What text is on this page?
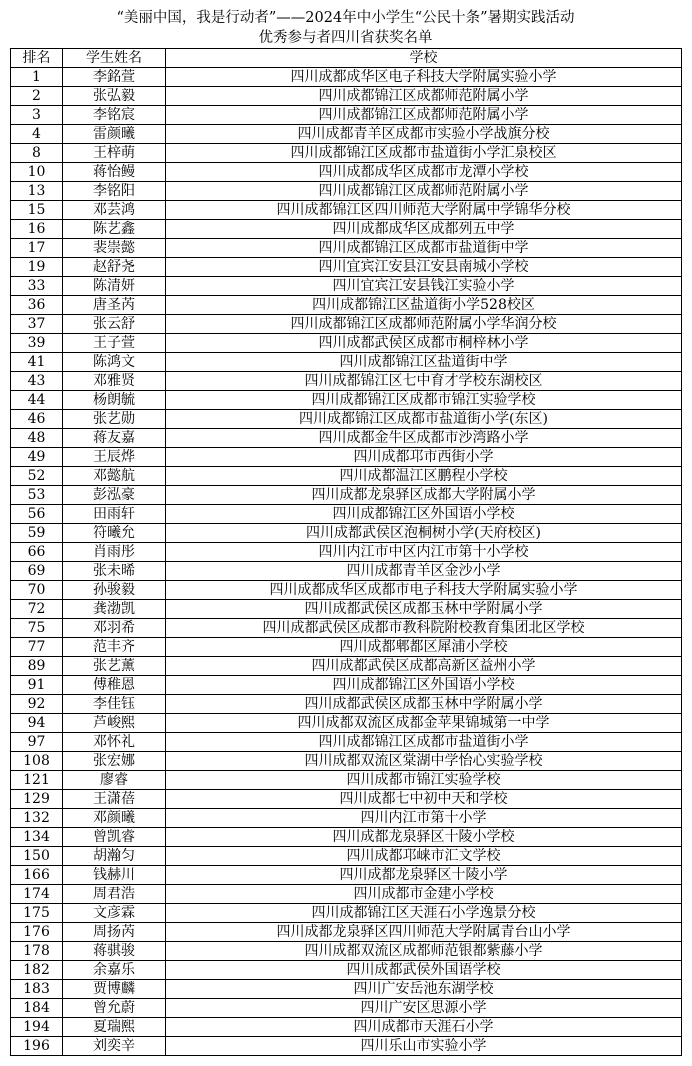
“美丽中国，我是行动者”——2024年中小学生“公民十条”暑期实践活动
优秀参与者四川省获奖名单
排名	学生姓名	学校
1	李銘萱	四川成都成华区电子科技大学附属实验小学
2	张弘毅	四川成都锦江区成都师范附属小学
3	李铭宸	四川成都锦江区成都师范附属小学
4	雷颜曦	四川成都青羊区成都市实验小学战旗分校
8	王梓萌	四川成都锦江区成都市盐道街小学汇泉校区
10	蒋怡鳗	四川成都成华区成都市龙潭小学校
13	李铭阳	四川成都锦江区成都师范附属小学
15	邓芸鸿	四川成都锦江区四川师范大学附属中学锦华分校
16	陈艺鑫	四川成都成华区成都列五中学
17	裴崇懿	四川成都锦江区成都市盐道街中学
19	赵舒尧	四川宜宾江安县江安县南城小学校
33	陈清妍	四川宜宾江安县钱江实验小学
36	唐圣芮	四川成都锦江区盐道街小学528校区
37	张云舒	四川成都锦江区成都师范附属小学华润分校
39	王子萱	四川成都武侯区成都市桐梓林小学
41	陈鸿文	四川成都锦江区盐道街中学
43	邓雅贤	四川成都锦江区七中育才学校东湖校区
44	杨朗毓	四川成都锦江区成都市锦江实验学校
46	张艺勋	四川成都锦江区成都市盐道街小学(东区)
48	蒋友嘉	四川成都金牛区成都市沙湾路小学
49	王辰烨	四川成都邛市西街小学
52	邓懿航	四川成都温江区鹏程小学校
53	彭泓豪	四川成都龙泉驿区成都大学附属小学
56	田雨轩	四川成都锦江区外国语小学校
59	符曦允	四川成都武侯区泡桐树小学(天府校区)
66	肖雨彤	四川内江市中区内江市第十小学校
69	张未晞	四川成都青羊区金沙小学
70	孙骏毅	四川成都成华区成都市电子科技大学附属实验小学
72	龚渤凯	四川成都武侯区成都玉林中学附属小学
75	邓羽希	四川成都武侯区成都市教科院附校教育集团北区学校
77	范丰齐	四川成都郫都区犀浦小学校
89	张艺薰	四川成都武侯区成都高新区益州小学
91	傅稚恩	四川成都锦江区外国语小学校
92	李佳钰	四川成都武侯区成都玉林中学附属小学
94	芦峻熙	四川成都双流区成都金苹果锦城第一中学
97	邓怀礼	四川成都锦江区成都市盐道街小学
108	张宏娜	四川成都双流区棠湖中学怡心实验学校
121	廖睿	四川成都市锦江实验学校
129	王潇蓓	四川成都七中初中天和学校
132	邓颜曦	四川内江市第十小学
134	曾凯睿	四川成都龙泉驿区十陵小学校
150	胡瀚匀	四川成都邛崃市汇文学校
166	钱赫川	四川成都龙泉驿区十陵小学
174	周君浩	四川成都市金建小学校
175	文彦霖	四川成都锦江区天涯石小学逸景分校
176	周扬芮	四川成都龙泉驿区四川师范大学附属青台山小学
178	蒋骐骏	四川成都双流区成都师范银都紫藤小学
182	余嘉乐	四川成都武侯外国语学校
183	贾博麟	四川广安岳池东湖学校
184	曾允蔚	四川广安区思源小学
194	夏瑞熙	四川成都市天涯石小学
196	刘奕辛	四川乐山市实验小学
